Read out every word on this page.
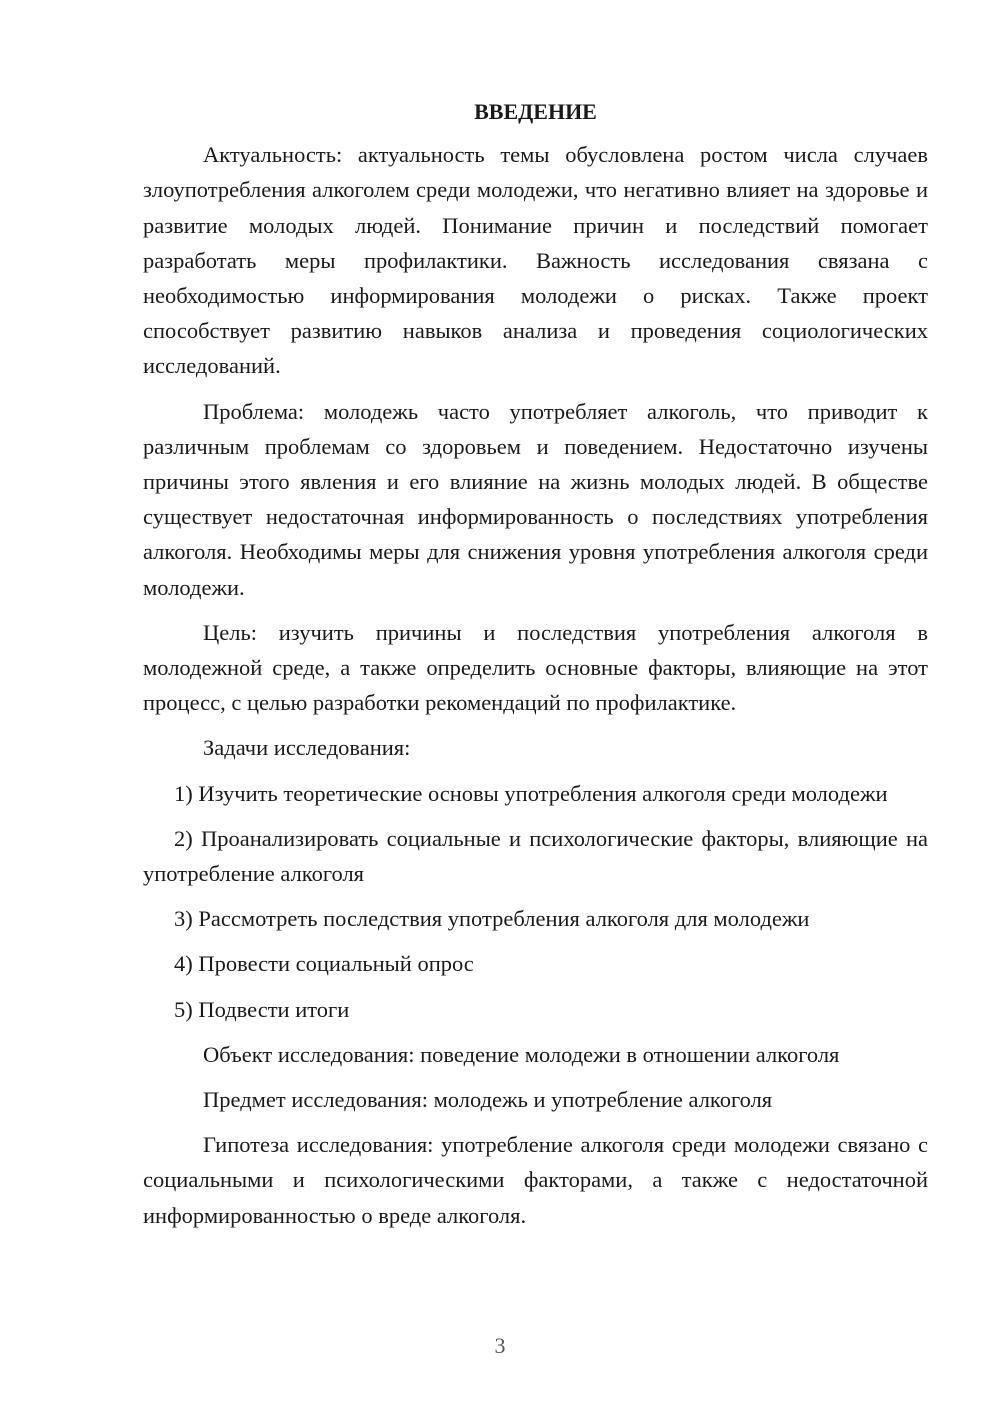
ВВЕДЕНИЕ

Актуальность: актуальность темы обусловлена ростом числа случаев злоупотребления алкоголем среди молодежи, что негативно влияет на здоровье и развитие молодых людей. Понимание причин и последствий помогает разработать меры профилактики. Важность исследования связана с необходимостью информирования молодежи о рисках. Также проект способствует развитию навыков анализа и проведения социологических исследований.

Проблема: молодежь часто употребляет алкоголь, что приводит к различным проблемам со здоровьем и поведением. Недостаточно изучены причины этого явления и его влияние на жизнь молодых людей. В обществе существует недостаточная информированность о последствиях употребления алкоголя. Необходимы меры для снижения уровня употребления алкоголя среди молодежи.

Цель: изучить причины и последствия употребления алкоголя в молодежной среде, а также определить основные факторы, влияющие на этот процесс, с целью разработки рекомендаций по профилактике.

Задачи исследования:

1) Изучить теоретические основы употребления алкоголя среди молодежи

2) Проанализировать социальные и психологические факторы, влияющие на употребление алкоголя

3) Рассмотреть последствия употребления алкоголя для молодежи

4) Провести социальный опрос

5) Подвести итоги

Объект исследования: поведение молодежи в отношении алкоголя

Предмет исследования: молодежь и употребление алкоголя

Гипотеза исследования: употребление алкоголя среди молодежи связано с социальными и психологическими факторами, а также с недостаточной информированностью о вреде алкоголя.

3
